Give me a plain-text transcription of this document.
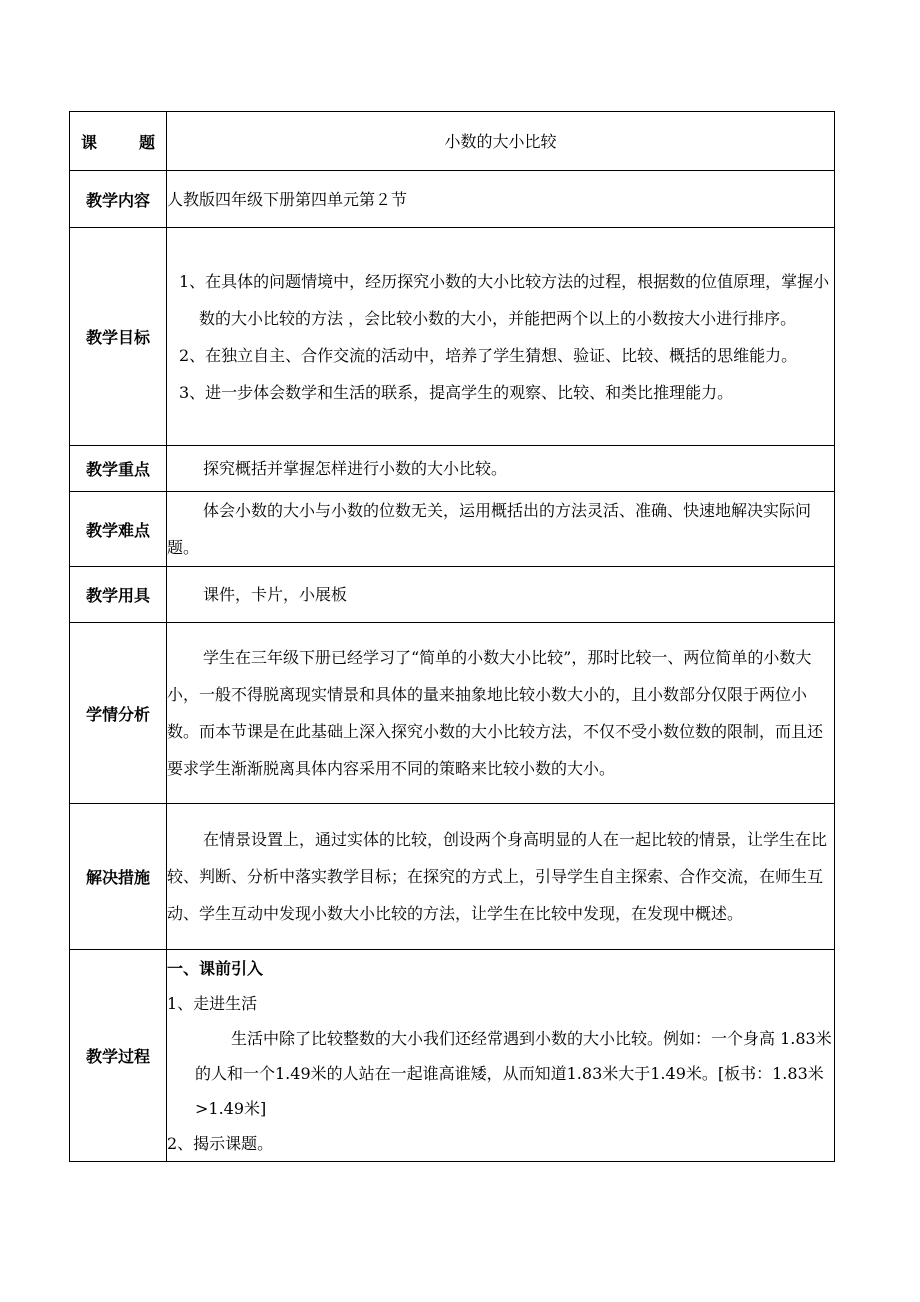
课　题	小数的大小比较
教学内容	人教版四年级下册第四单元第２节
教学目标	1、在具体的问题情境中，经历探究小数的大小比较方法的过程，根据数的位值原理，掌握小数的大小比较的方法 ，会比较小数的大小，并能把两个以上的小数按大小进行排序。
2、在独立自主、合作交流的活动中，培养了学生猜想、验证、比较、概括的思维能力。
3、进一步体会数学和生活的联系，提高学生的观察、比较、和类比推理能力。

教学重点	探究概括并掌握怎样进行小数的大小比较。
教学难点	体会小数的大小与小数的位数无关，运用概括出的方法灵活、准确、快速地解决实际问题。
教学用具	课件，卡片，小展板
学情分析	学生在三年级下册已经学习了“简单的小数大小比较”，那时比较一、两位简单的小数大小，一般不得脱离现实情景和具体的量来抽象地比较小数大小的，且小数部分仅限于两位小数。而本节课是在此基础上深入探究小数的大小比较方法，不仅不受小数位数的限制，而且还要求学生渐渐脱离具体内容采用不同的策略来比较小数的大小。
解决措施	在情景设置上，通过实体的比较，创设两个身高明显的人在一起比较的情景，让学生在比较、判断、分析中落实教学目标；在探究的方式上，引导学生自主探索、合作交流，在师生互动、学生互动中发现小数大小比较的方法，让学生在比较中发现，在发现中概述。
教学过程	一、课前引入
1、走进生活
生活中除了比较整数的大小我们还经常遇到小数的大小比较。例如：一个身高 1.83米的人和一个1.49米的人站在一起谁高谁矮，从而知道1.83米大于1.49米。[板书：1.83米>1.49米]
2、揭示课题。
